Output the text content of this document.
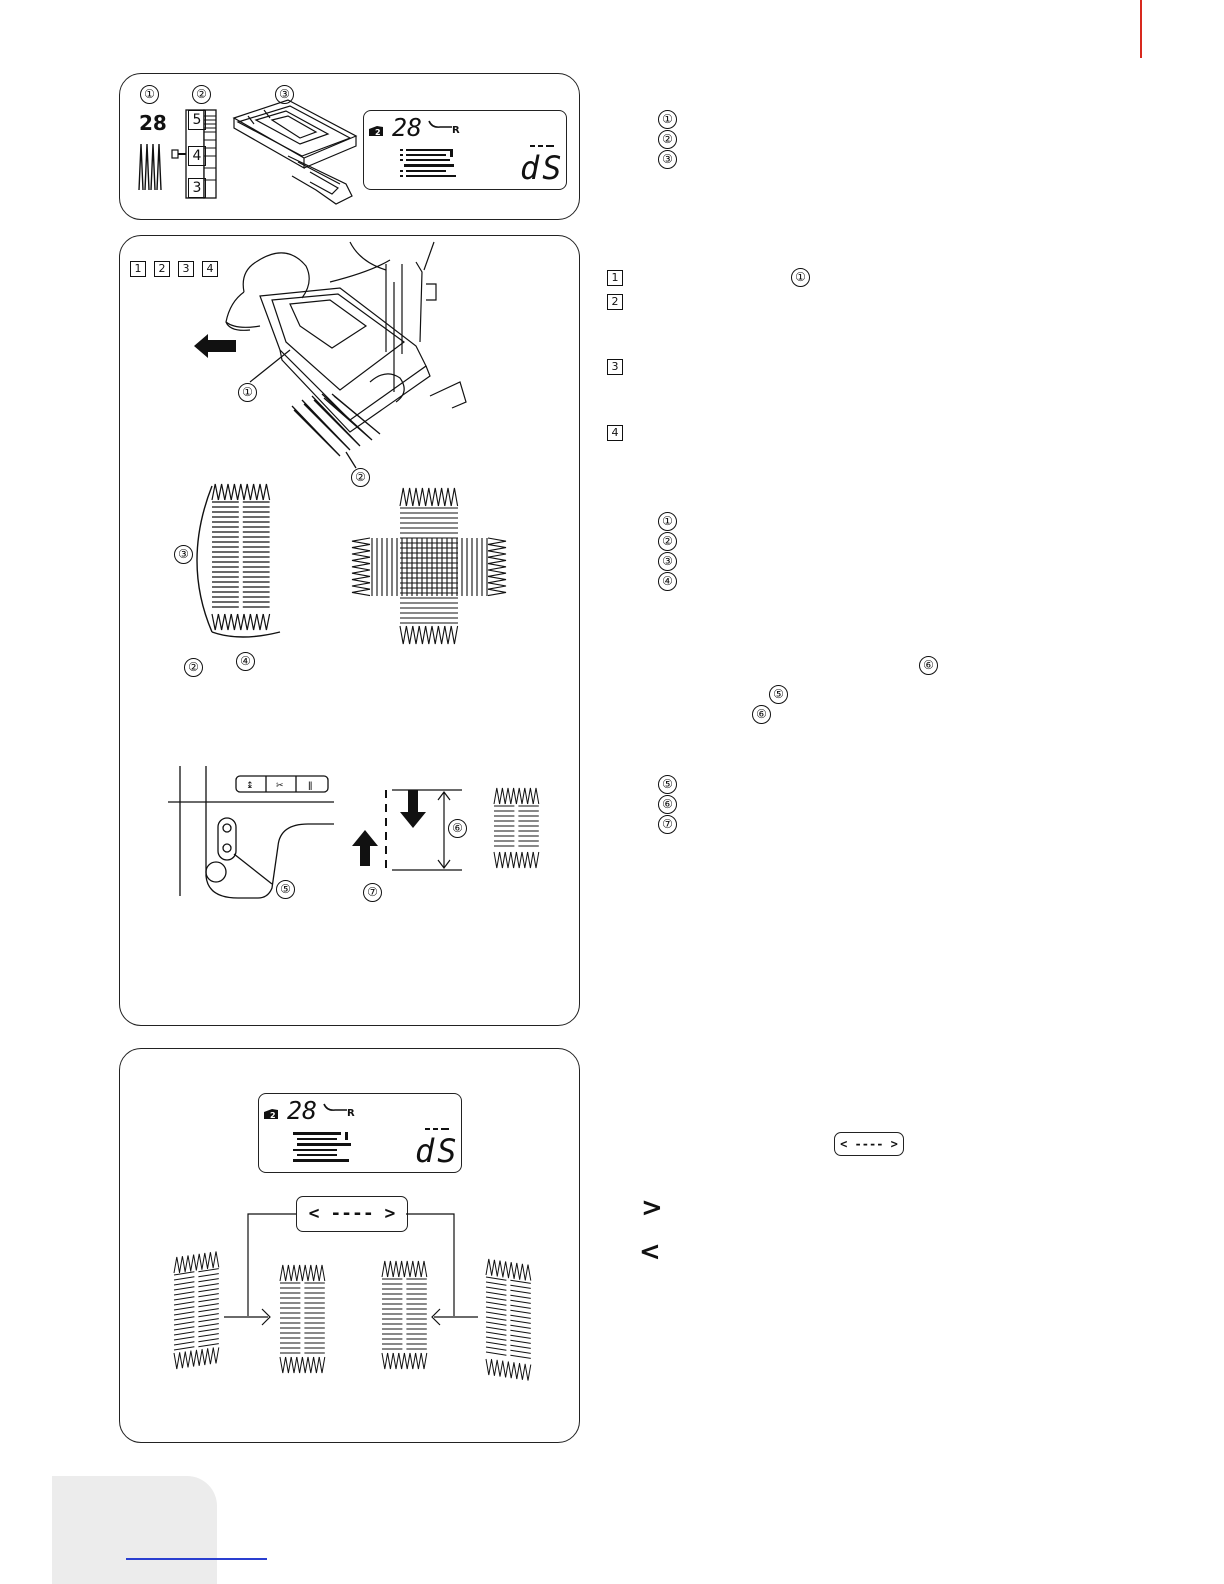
①	②	③
28	5
4
3
2 28	R
dS
1	2	3	4
①
②
③
②	④
↨ ✂	ǁ
⑤
⑥
⑦
2 28	R
dS
< ---- >
①
②
③
1	①
2
3
4
①
②
③
④
⑥
⑤
⑥
⑤
⑥
⑦
< ---- >
>
<
